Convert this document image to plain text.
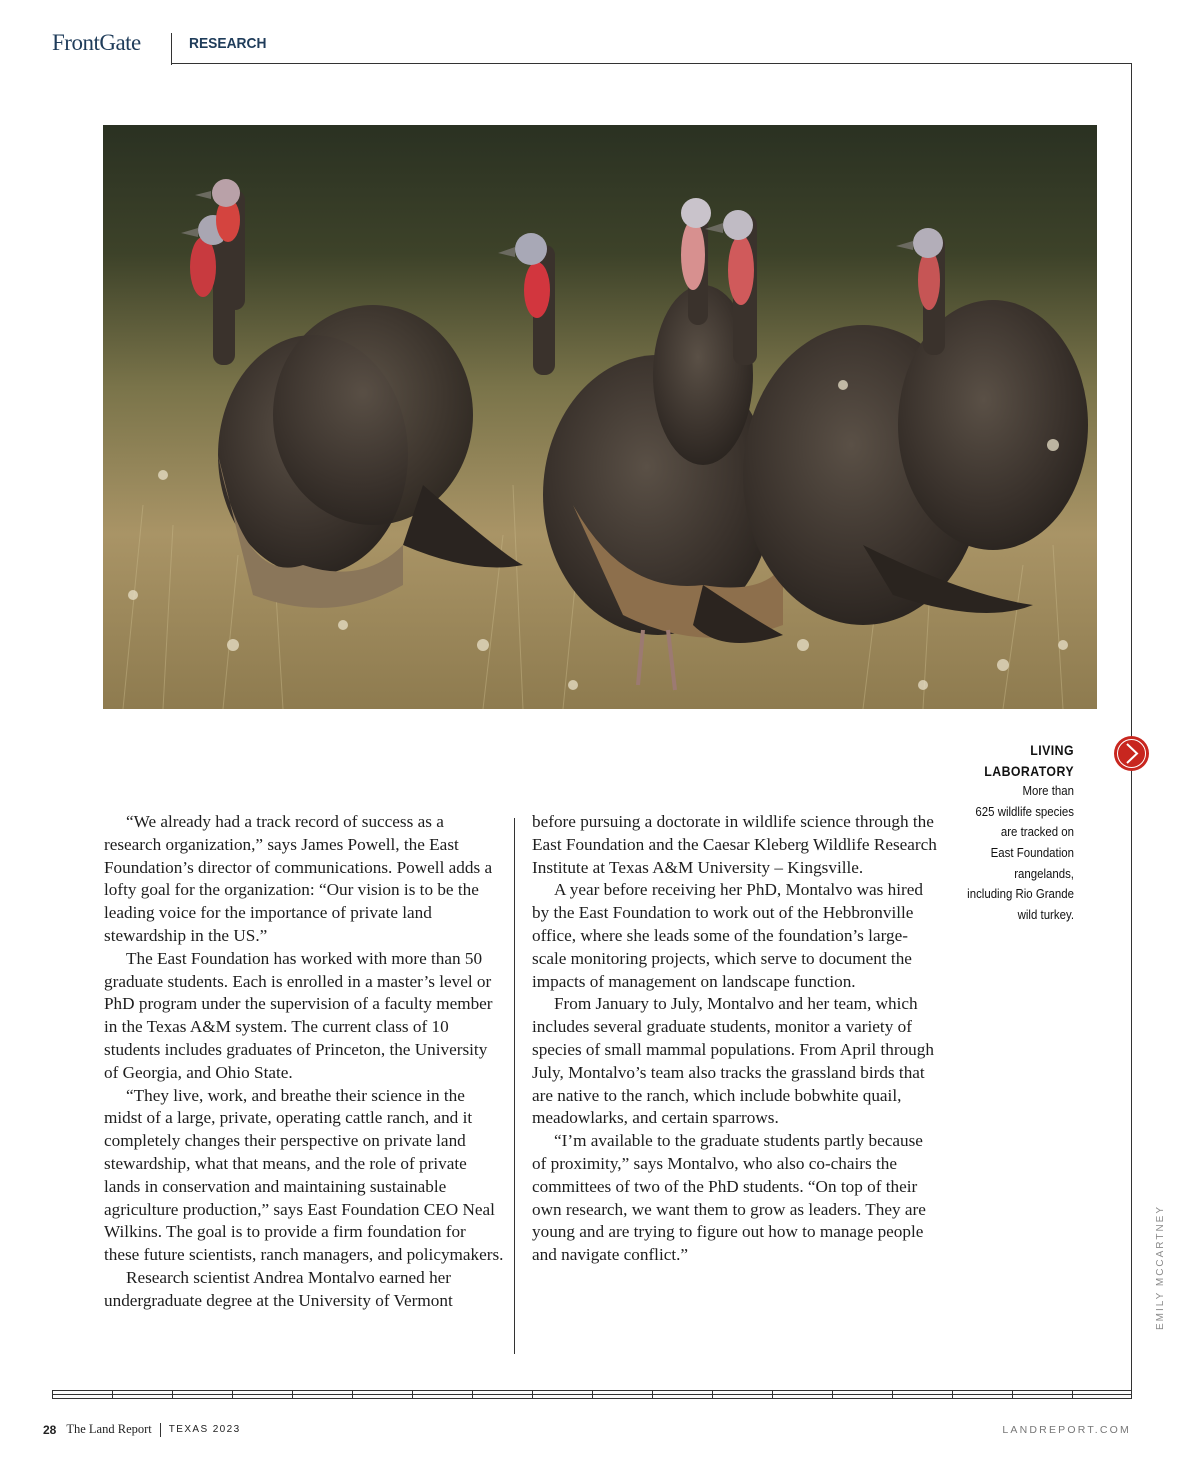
FrontGate	RESEARCH
LIVING
LABORATORY
More than
625 wildlife species
are tracked on
East Foundation
rangelands,
including Rio Grande
wild turkey.

“We already had a track record of success as a research organization,” says James Powell, the East Foundation’s director of communications. Powell adds a lofty goal for the organization: “Our vision is to be the leading voice for the importance of private land stewardship in the US.”

The East Foundation has worked with more than 50 graduate students. Each is enrolled in a master’s level or PhD program under the supervision of a faculty member in the Texas A&M system. The current class of 10 students includes graduates of Princeton, the University of Georgia, and Ohio State.

“They live, work, and breathe their science in the midst of a large, private, operating cattle ranch, and it completely changes their perspective on private land stewardship, what that means, and the role of private lands in conservation and maintaining sustainable agriculture production,” says East Foundation CEO Neal Wilkins. The goal is to provide a firm foundation for these future scientists, ranch managers, and policymakers.

Research scientist Andrea Montalvo earned her undergraduate degree at the University of Vermont

before pursuing a doctorate in wildlife science through the East Foundation and the Caesar Kleberg Wildlife Research Institute at Texas A&M University – Kingsville.

A year before receiving her PhD, Montalvo was hired by the East Foundation to work out of the Hebbronville office, where she leads some of the foundation’s large-scale monitoring projects, which serve to document the impacts of management on landscape function.

From January to July, Montalvo and her team, which includes several graduate students, monitor a variety of species of small mammal populations. From April through July, Montalvo’s team also tracks the grassland birds that are native to the ranch, which include bobwhite quail, meadowlarks, and certain sparrows.

“I’m available to the graduate students partly because of proximity,” says Montalvo, who also co-chairs the committees of two of the PhD students. “On top of their own research, we want them to grow as leaders. They are young and are trying to figure out how to manage people and navigate conflict.”	EMILY MCCARTNEY
28 The Land Report TEXAS 2023	LANDREPORT.COM
